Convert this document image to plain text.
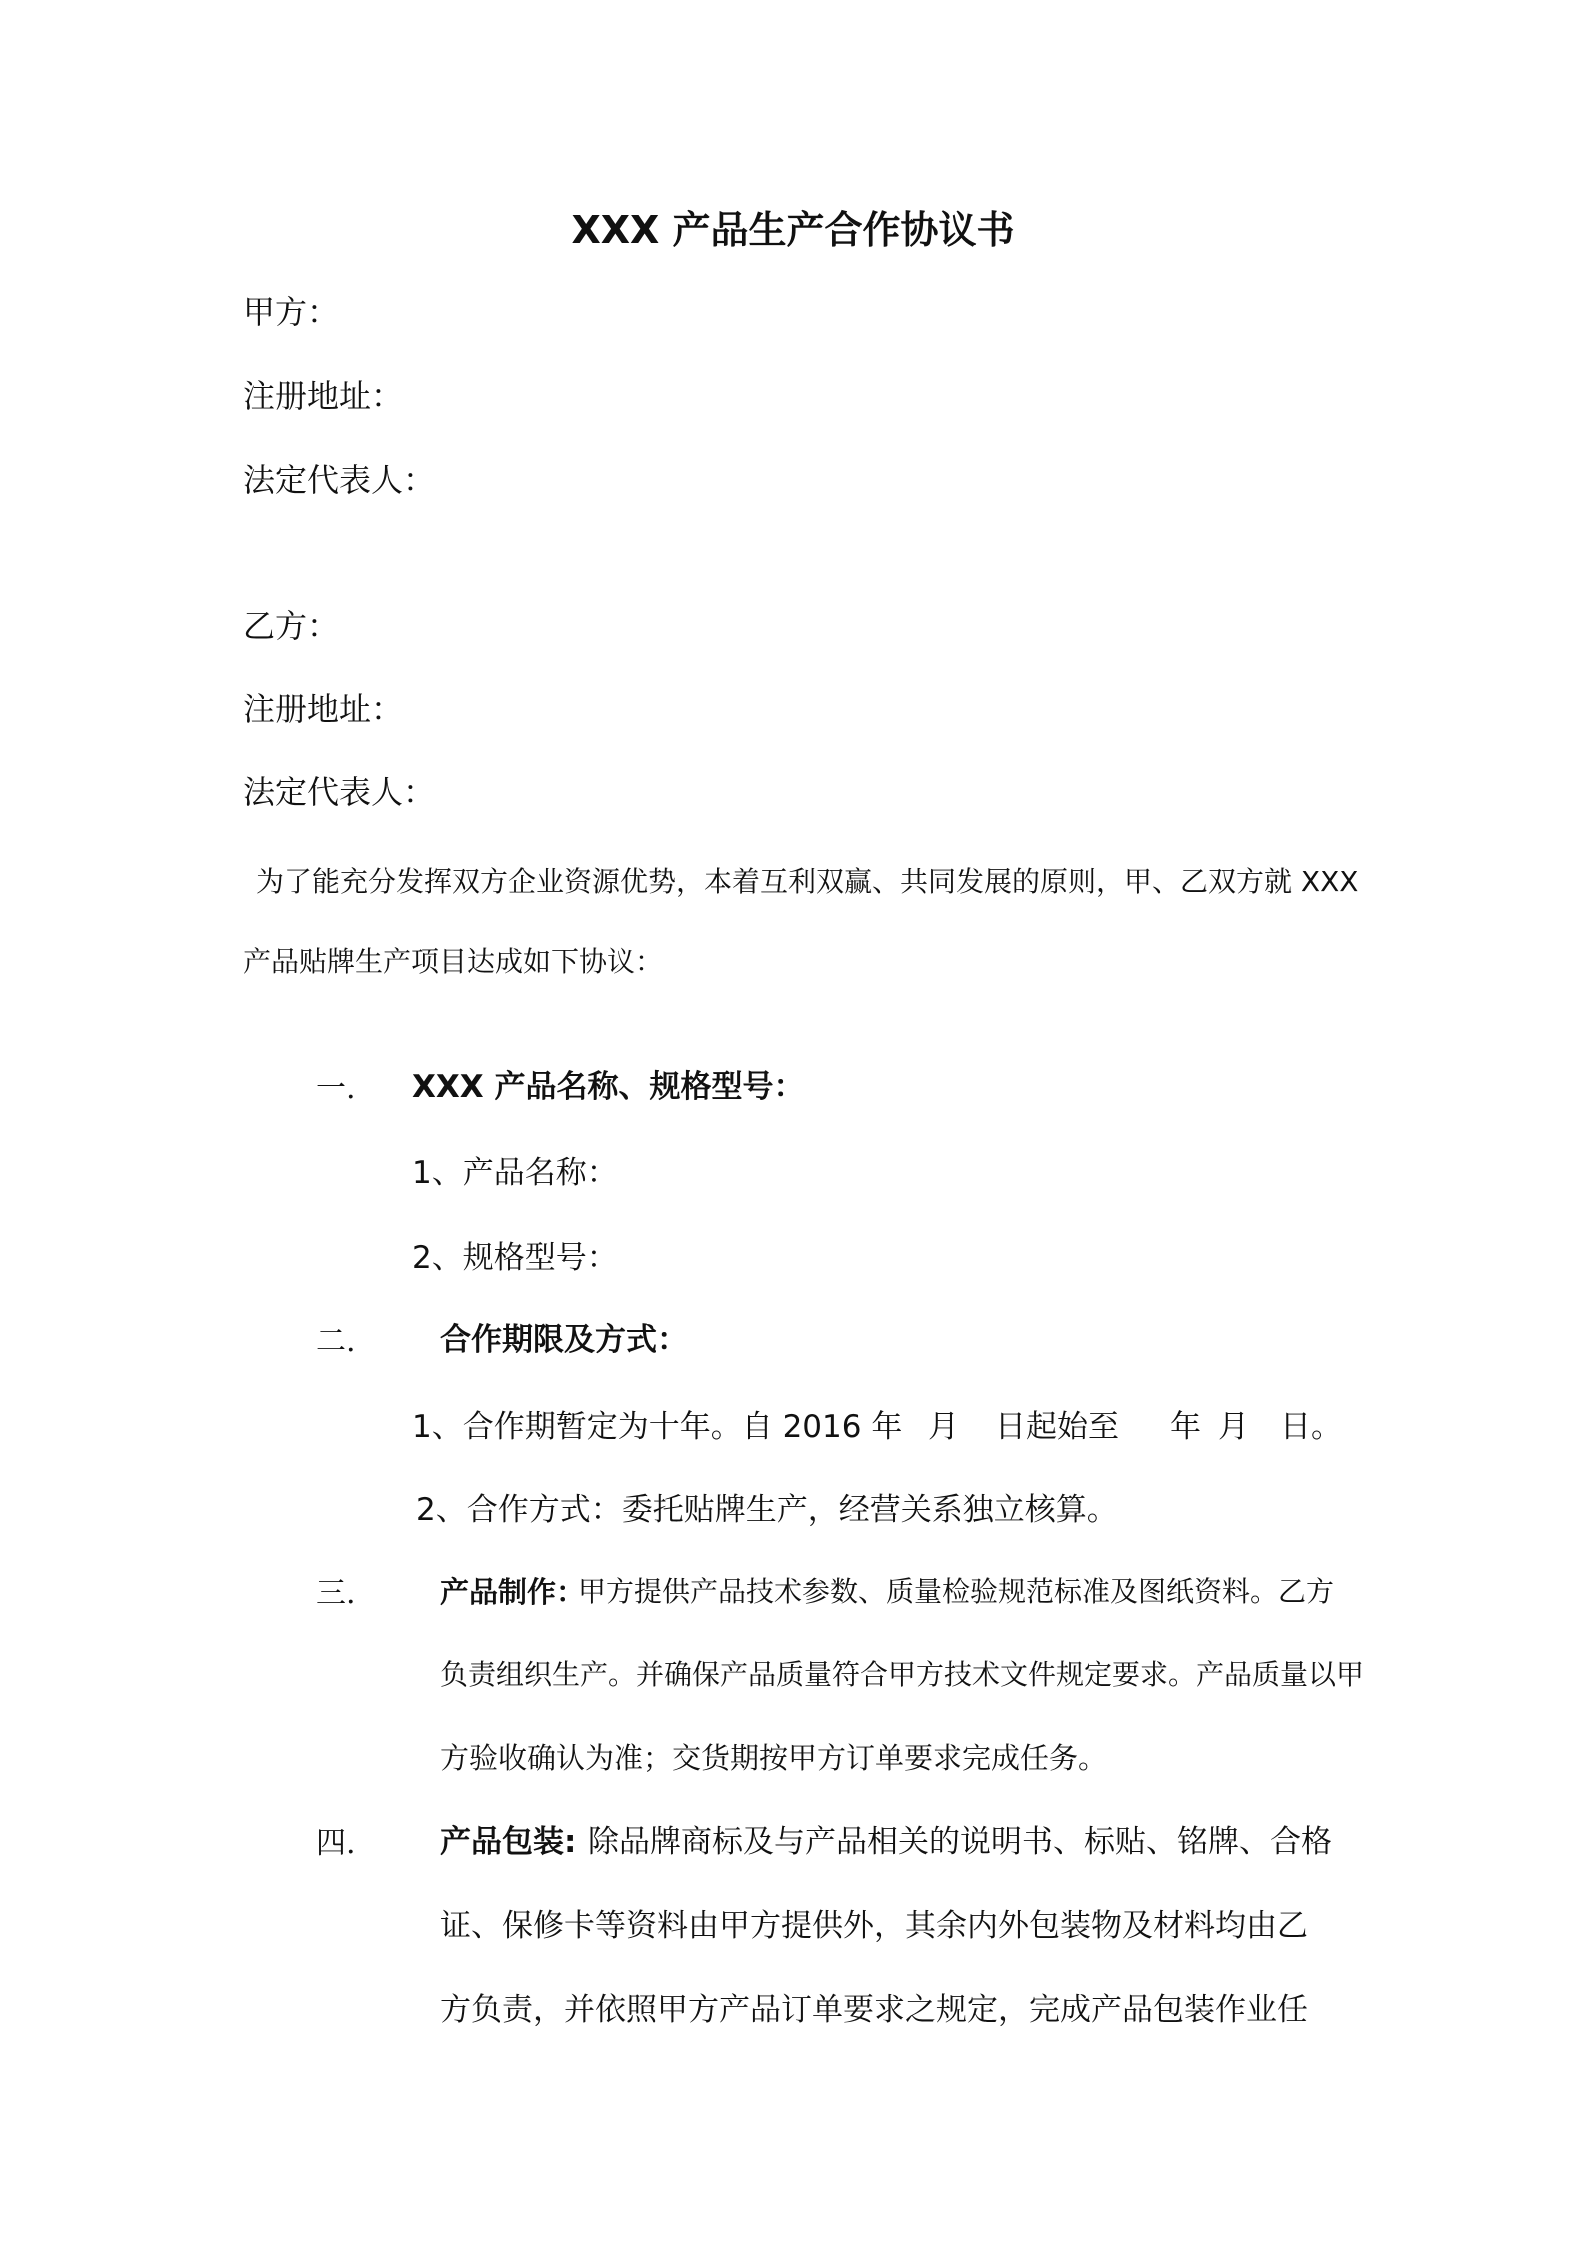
XXX 产品生产合作协议书
甲方：
注册地址：
法定代表人：
乙方：
注册地址：
法定代表人：
为了能充分发挥双方企业资源优势，本着互利双赢、共同发展的原则，甲、乙双方就 XXX
产品贴牌生产项目达成如下协议：
一. XXX 产品名称、规格型号：
1、产品名称：
2、规格型号：
二.	合作期限及方式：
1、合作期暂定为十年。自 2016 年 月 日起始至 年 月 日。
2、合作方式：委托贴牌生产，经营关系独立核算。
三.	产品制作：
甲方提供产品技术参数、质量检验规范标准及图纸资料。乙方
负责组织生产。并确保产品质量符合甲方技术文件规定要求。产品质量以甲
方验收确认为准；交货期按甲方订单要求完成任务。
四.	产品包装: 除品牌商标及与产品相关的说明书、标贴、铭牌、合格
证、保修卡等资料由甲方提供外，其余内外包装物及材料均由乙
方负责，并依照甲方产品订单要求之规定，完成产品包装作业任
